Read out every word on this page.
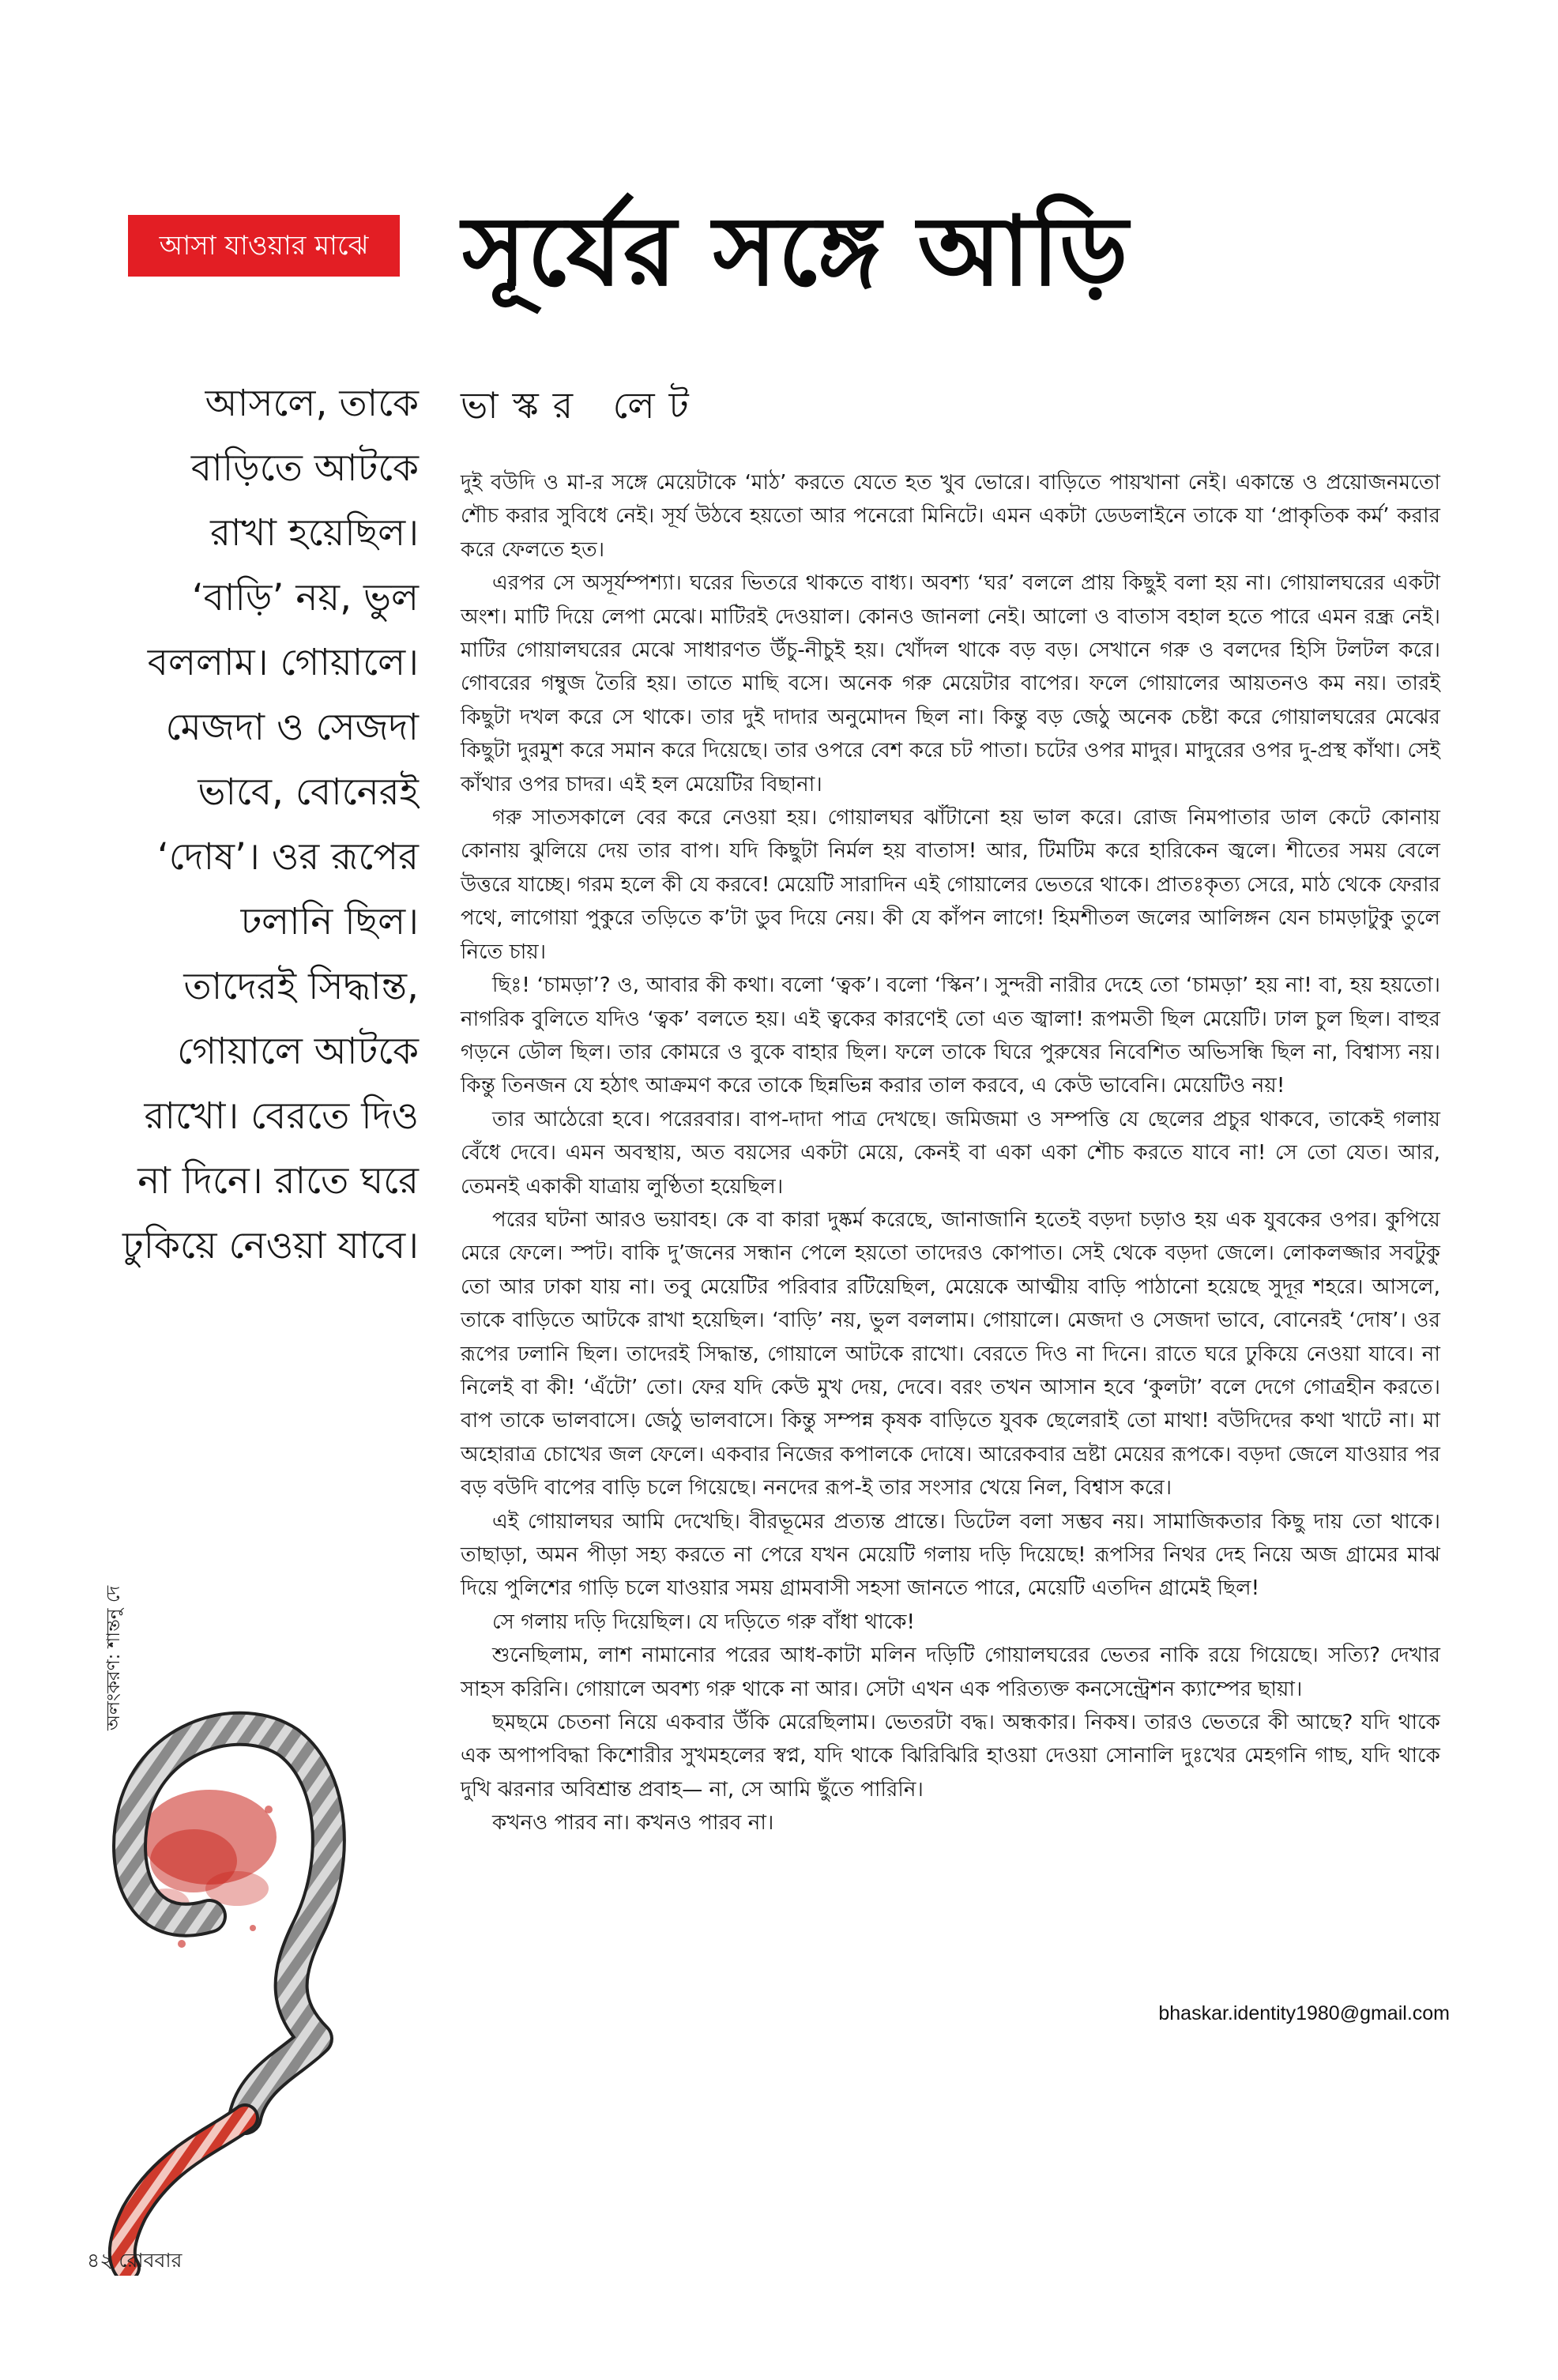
আসা যাওয়ার মাঝে সূর্যের সঙ্গে আড়ি
আসলে, তাকে বাড়িতে আটকে রাখা হয়েছিল। ‘বাড়ি’ নয়, ভুল বললাম। গোয়ালে। মেজদা ও সেজদা ভাবে, বোনেরই ‘দোষ’। ওর রূপের ঢলানি ছিল। তাদেরই সিদ্ধান্ত, গোয়ালে আটকে রাখো। বেরতে দিও না দিনে। রাতে ঘরে ঢুকিয়ে নেওয়া যাবে।
ভাস্কর লেট

দুই বউদি ও মা-র সঙ্গে মেয়েটাকে ‘মাঠ’ করতে যেতে হত খুব ভোরে। বাড়িতে পায়খানা নেই। একান্তে ও প্রয়োজনমতো শৌচ করার সুবিধে নেই। সূর্য উঠবে হয়তো আর পনেরো মিনিটে। এমন একটা ডেডলাইনে তাকে যা ‘প্রাকৃতিক কর্ম’ করার করে ফেলতে হত।

এরপর সে অসূর্যম্পশ্যা। ঘরের ভিতরে থাকতে বাধ্য। অবশ্য ‘ঘর’ বললে প্রায় কিছুই বলা হয় না। গোয়ালঘরের একটা অংশ। মাটি দিয়ে লেপা মেঝে। মাটিরই দেওয়াল। কোনও জানলা নেই। আলো ও বাতাস বহাল হতে পারে এমন রন্ধ্র নেই। মাটির গোয়ালঘরের মেঝে সাধারণত উঁচু-নীচুই হয়। খোঁদল থাকে বড় বড়। সেখানে গরু ও বলদের হিসি টলটল করে। গোবরের গম্বুজ তৈরি হয়। তাতে মাছি বসে। অনেক গরু মেয়েটার বাপের। ফলে গোয়ালের আয়তনও কম নয়। তারই কিছুটা দখল করে সে থাকে। তার দুই দাদার অনুমোদন ছিল না। কিন্তু বড় জেঠু অনেক চেষ্টা করে গোয়ালঘরের মেঝের কিছুটা দুরমুশ করে সমান করে দিয়েছে। তার ওপরে বেশ করে চট পাতা। চটের ওপর মাদুর। মাদুরের ওপর দু-প্রস্থ কাঁথা। সেই কাঁথার ওপর চাদর। এই হল মেয়েটির বিছানা।

গরু সাতসকালে বের করে নেওয়া হয়। গোয়ালঘর ঝাঁটানো হয় ভাল করে। রোজ নিমপাতার ডাল কেটে কোনায় কোনায় ঝুলিয়ে দেয় তার বাপ। যদি কিছুটা নির্মল হয় বাতাস! আর, টিমটিম করে হারিকেন জ্বলে। শীতের সময় বেলে উত্তরে যাচ্ছে। গরম হলে কী যে করবে! মেয়েটি সারাদিন এই গোয়ালের ভেতরে থাকে। প্রাতঃকৃত্য সেরে, মাঠ থেকে ফেরার পথে, লাগোয়া পুকুরে তড়িতে ক’টা ডুব দিয়ে নেয়। কী যে কাঁপন লাগে! হিমশীতল জলের আলিঙ্গন যেন চামড়াটুকু তুলে নিতে চায়।

ছিঃ! ‘চামড়া’? ও, আবার কী কথা। বলো ‘ত্বক’। বলো ‘স্কিন’। সুন্দরী নারীর দেহে তো ‘চামড়া’ হয় না! বা, হয় হয়তো। নাগরিক বুলিতে যদিও ‘ত্বক’ বলতে হয়। এই ত্বকের কারণেই তো এত জ্বালা! রূপমতী ছিল মেয়েটি। ঢাল চুল ছিল। বাহুর গড়নে ডৌল ছিল। তার কোমরে ও বুকে বাহার ছিল। ফলে তাকে ঘিরে পুরুষের নিবেশিত অভিসন্ধি ছিল না, বিশ্বাস্য নয়। কিন্তু তিনজন যে হঠাৎ আক্রমণ করে তাকে ছিন্নভিন্ন করার তাল করবে, এ কেউ ভাবেনি। মেয়েটিও নয়!

তার আঠেরো হবে। পরেরবার। বাপ-দাদা পাত্র দেখছে। জমিজমা ও সম্পত্তি যে ছেলের প্রচুর থাকবে, তাকেই গলায় বেঁধে দেবে। এমন অবস্থায়, অত বয়সের একটা মেয়ে, কেনই বা একা একা শৌচ করতে যাবে না! সে তো যেত। আর, তেমনই একাকী যাত্রায় লুণ্ঠিতা হয়েছিল।

পরের ঘটনা আরও ভয়াবহ। কে বা কারা দুষ্কর্ম করেছে, জানাজানি হতেই বড়দা চড়াও হয় এক যুবকের ওপর। কুপিয়ে মেরে ফেলে। স্পট। বাকি দু’জনের সন্ধান পেলে হয়তো তাদেরও কোপাত। সেই থেকে বড়দা জেলে। লোকলজ্জার সবটুকু তো আর ঢাকা যায় না। তবু মেয়েটির পরিবার রটিয়েছিল, মেয়েকে আত্মীয় বাড়ি পাঠানো হয়েছে সুদূর শহরে। আসলে, তাকে বাড়িতে আটকে রাখা হয়েছিল। ‘বাড়ি’ নয়, ভুল বললাম। গোয়ালে। মেজদা ও সেজদা ভাবে, বোনেরই ‘দোষ’। ওর রূপের ঢলানি ছিল। তাদেরই সিদ্ধান্ত, গোয়ালে আটকে রাখো। বেরতে দিও না দিনে। রাতে ঘরে ঢুকিয়ে নেওয়া যাবে। না নিলেই বা কী! ‘এঁটো’ তো। ফের যদি কেউ মুখ দেয়, দেবে। বরং তখন আসান হবে ‘কুলটা’ বলে দেগে গোত্রহীন করতে। বাপ তাকে ভালবাসে। জেঠু ভালবাসে। কিন্তু সম্পন্ন কৃষক বাড়িতে যুবক ছেলেরাই তো মাথা! বউদিদের কথা খাটে না। মা অহোরাত্র চোখের জল ফেলে। একবার নিজের কপালকে দোষে। আরেকবার ভ্রষ্টা মেয়ের রূপকে। বড়দা জেলে যাওয়ার পর বড় বউদি বাপের বাড়ি চলে গিয়েছে। ননদের রূপ-ই তার সংসার খেয়ে নিল, বিশ্বাস করে।

এই গোয়ালঘর আমি দেখেছি। বীরভূমের প্রত্যন্ত প্রান্তে। ডিটেল বলা সম্ভব নয়। সামাজিকতার কিছু দায় তো থাকে। তাছাড়া, অমন পীড়া সহ্য করতে না পেরে যখন মেয়েটি গলায় দড়ি দিয়েছে! রূপসির নিথর দেহ নিয়ে অজ গ্রামের মাঝ দিয়ে পুলিশের গাড়ি চলে যাওয়ার সময় গ্রামবাসী সহসা জানতে পারে, মেয়েটি এতদিন গ্রামেই ছিল!

সে গলায় দড়ি দিয়েছিল। যে দড়িতে গরু বাঁধা থাকে!

শুনেছিলাম, লাশ নামানোর পরের আধ-কাটা মলিন দড়িটি গোয়ালঘরের ভেতর নাকি রয়ে গিয়েছে। সত্যি? দেখার সাহস করিনি। গোয়ালে অবশ্য গরু থাকে না আর। সেটা এখন এক পরিত্যক্ত কনসেন্ট্রেশন ক্যাম্পের ছায়া।

ছমছমে চেতনা নিয়ে একবার উঁকি মেরেছিলাম। ভেতরটা বদ্ধ। অন্ধকার। নিকষ। তারও ভেতরে কী আছে? যদি থাকে এক অপাপবিদ্ধা কিশোরীর সুখমহলের স্বপ্ন, যদি থাকে ঝিরিঝিরি হাওয়া দেওয়া সোনালি দুঃখের মেহগনি গাছ, যদি থাকে দুখি ঝরনার অবিশ্রান্ত প্রবাহ— না, সে আমি ছুঁতে পারিনি।

কখনও পারব না। কখনও পারব না।

অলংকরণ: শান্তনু দে
bhaskar.identity1980@gmail.com
৪২ রোববার
